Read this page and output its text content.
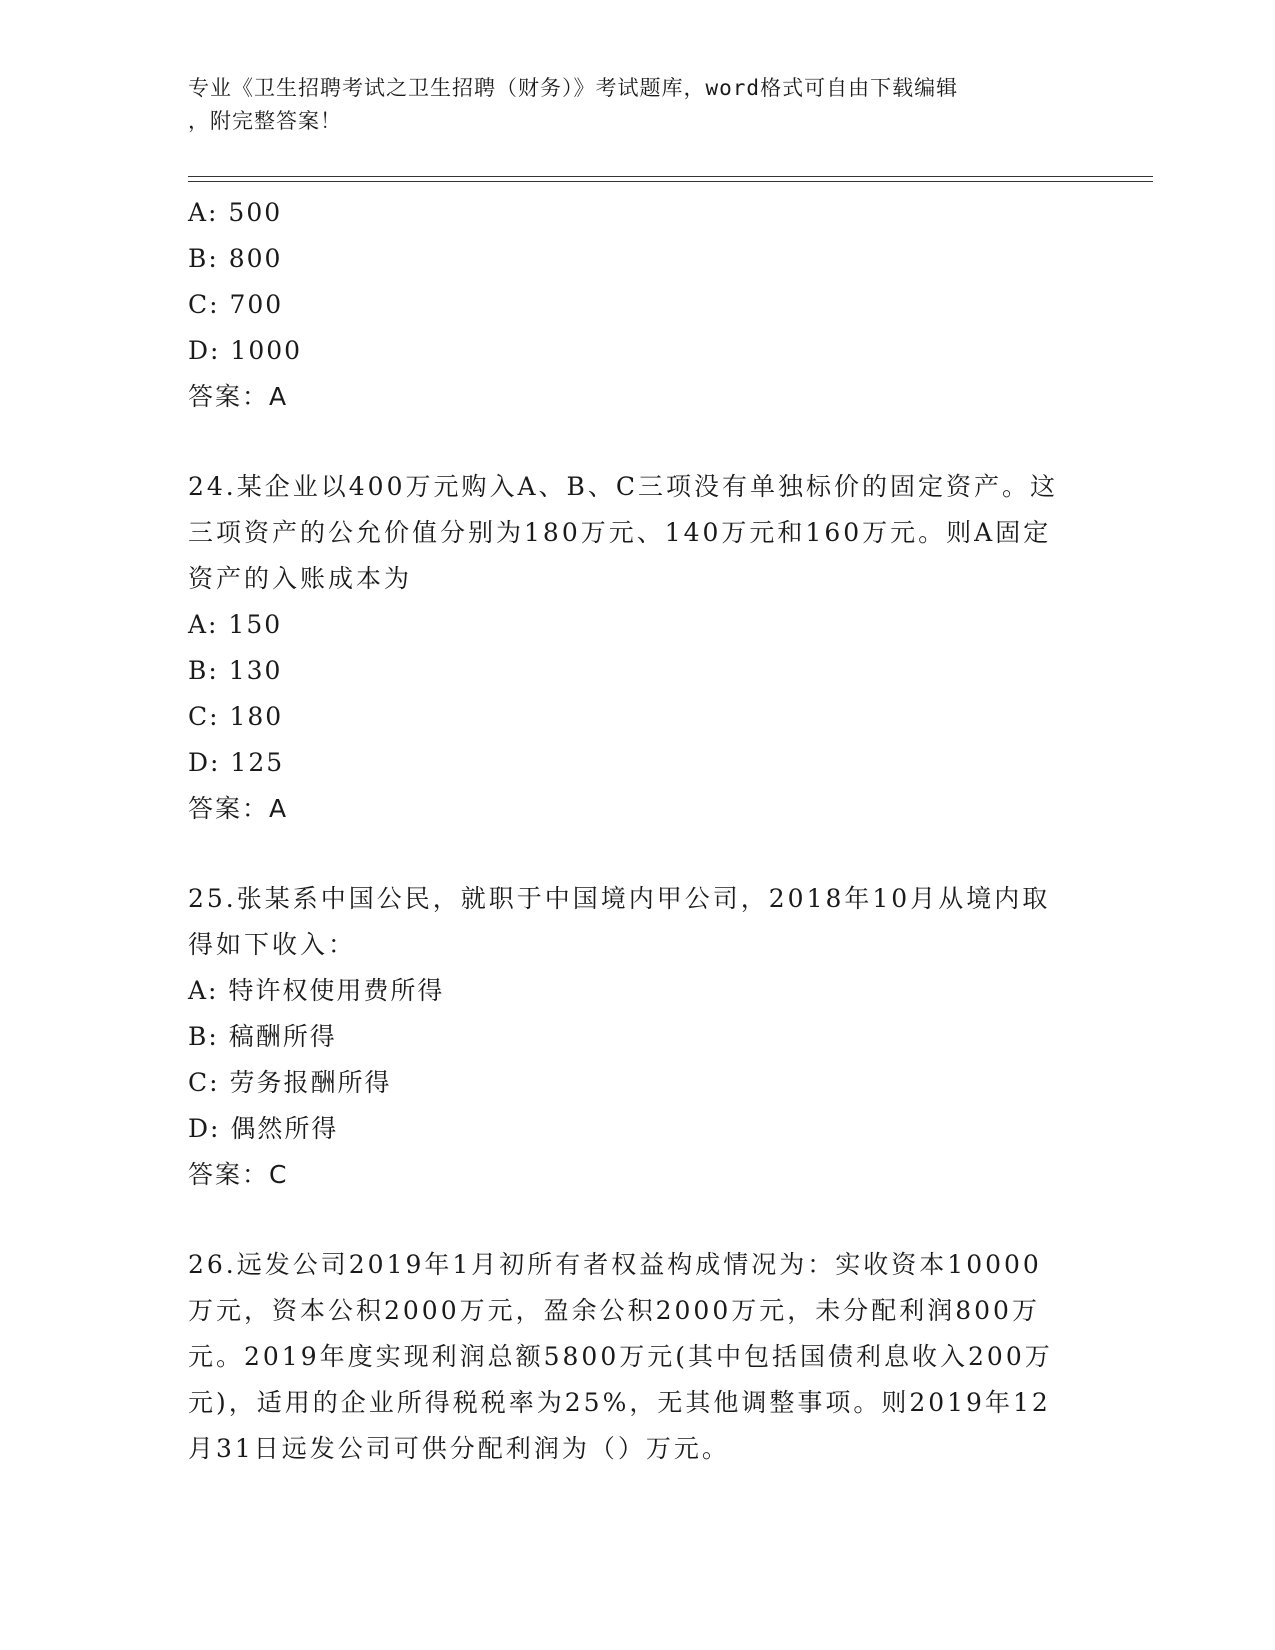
专业《卫生招聘考试之卫生招聘（财务）》考试题库，word格式可自由下载编辑
，附完整答案！
A: 500
B: 800
C: 700
D: 1000
答案：A
24.某企业以400万元购入A、B、C三项没有单独标价的固定资产。这
三项资产的公允价值分别为180万元、140万元和160万元。则A固定
资产的入账成本为
A: 150
B: 130
C: 180
D: 125
答案：A
25.张某系中国公民，就职于中国境内甲公司，2018年10月从境内取
得如下收入：
A: 特许权使用费所得
B: 稿酬所得
C: 劳务报酬所得
D: 偶然所得
答案：C
26.远发公司2019年1月初所有者权益构成情况为：实收资本10000
万元，资本公积2000万元，盈余公积2000万元，未分配利润800万
元。2019年度实现利润总额5800万元(其中包括国债利息收入200万
元)，适用的企业所得税税率为25%，无其他调整事项。则2019年12
月31日远发公司可供分配利润为（）万元。
